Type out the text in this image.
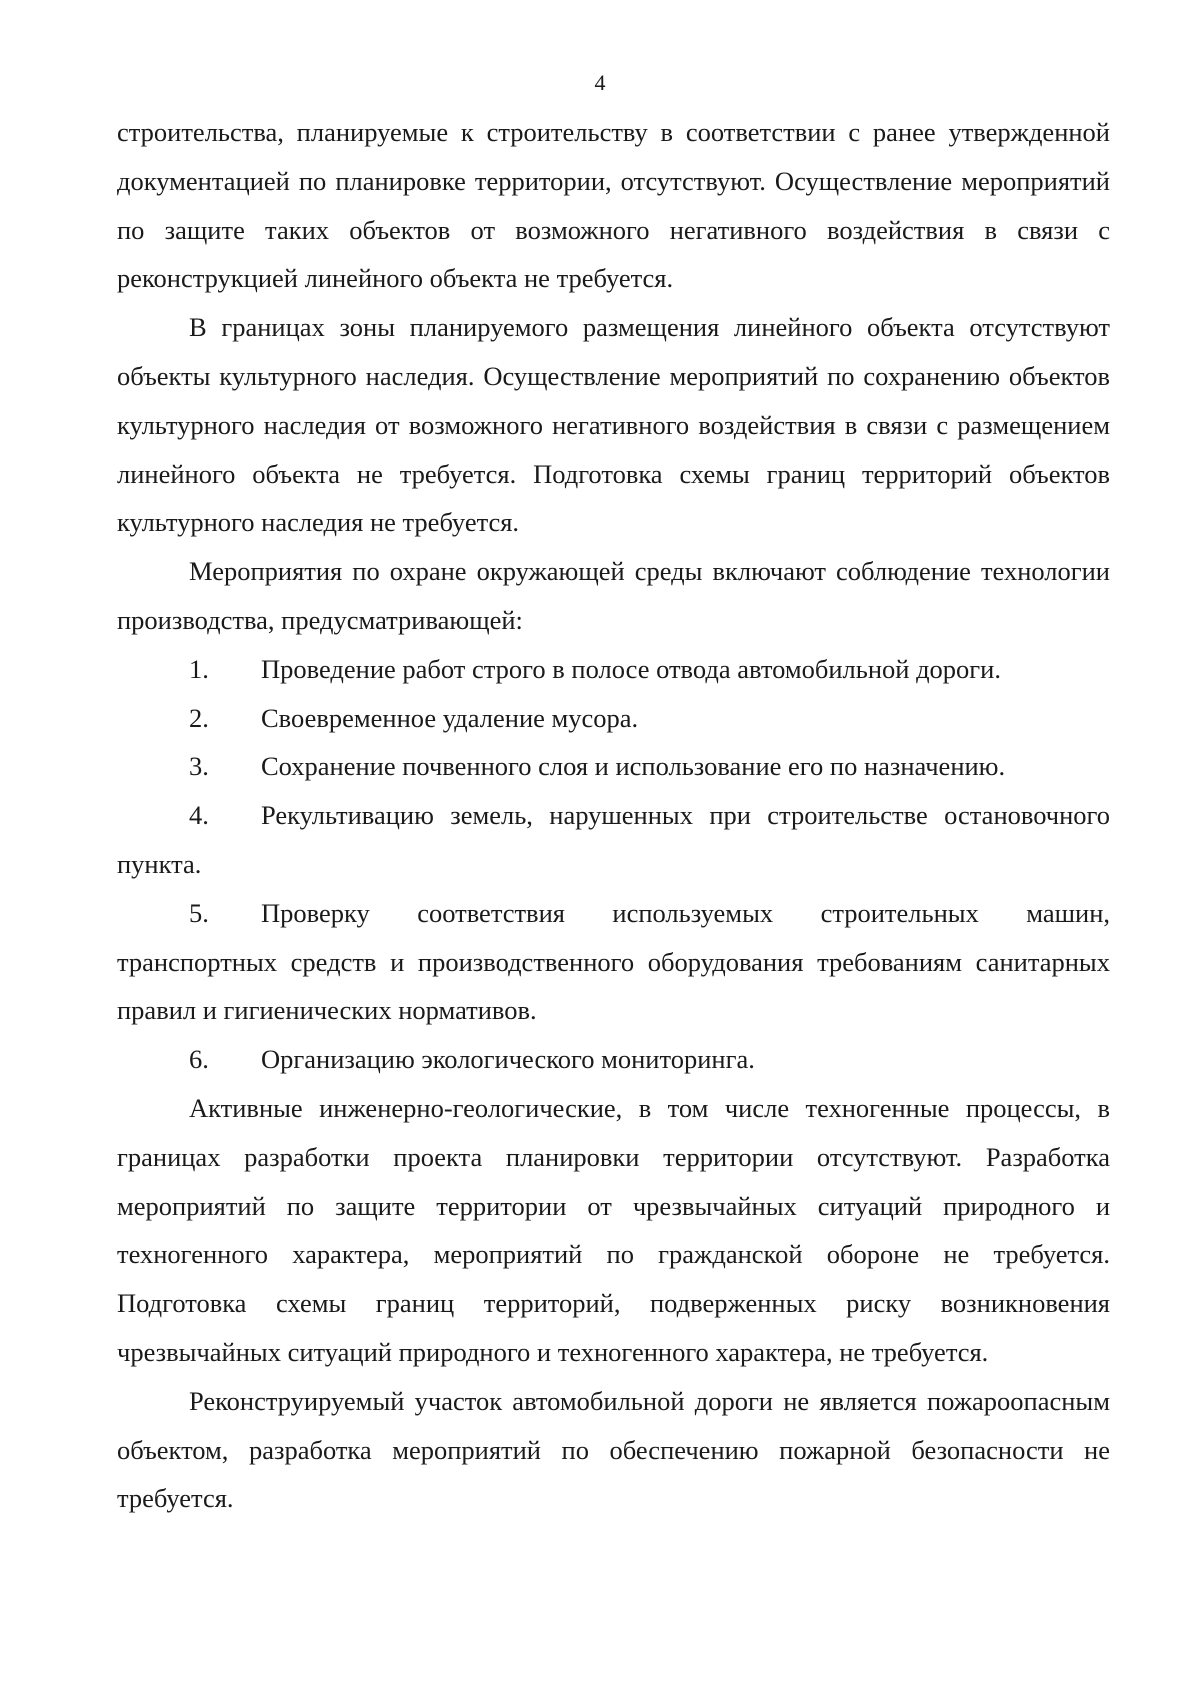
4

строительства, планируемые к строительству в соответствии с ранее утвержденной документацией по планировке территории, отсутствуют. Осуществление мероприятий по защите таких объектов от возможного негативного воздействия в связи с реконструкцией линейного объекта не требуется.

В границах зоны планируемого размещения линейного объекта отсутствуют объекты культурного наследия. Осуществление мероприятий по сохранению объектов культурного наследия от возможного негативного воздействия в связи с размещением линейного объекта не требуется. Подготовка схемы границ территорий объектов культурного наследия не требуется.

Мероприятия по охране окружающей среды включают соблюдение технологии производства, предусматривающей:

1. Проведение работ строго в полосе отвода автомобильной дороги.

2. Своевременное удаление мусора.

3. Сохранение почвенного слоя и использование его по назначению.

4. Рекультивацию земель, нарушенных при строительстве остановочного пункта.

5. Проверку соответствия используемых строительных машин, транспортных средств и производственного оборудования требованиям санитарных правил и гигиенических нормативов.

6. Организацию экологического мониторинга.

Активные инженерно-геологические, в том числе техногенные процессы, в границах разработки проекта планировки территории отсутствуют. Разработка мероприятий по защите территории от чрезвычайных ситуаций природного и техногенного характера, мероприятий по гражданской обороне не требуется. Подготовка схемы границ территорий, подверженных риску возникновения чрезвычайных ситуаций природного и техногенного характера, не требуется.

Реконструируемый участок автомобильной дороги не является пожароопасным объектом, разработка мероприятий по обеспечению пожарной безопасности не требуется.
